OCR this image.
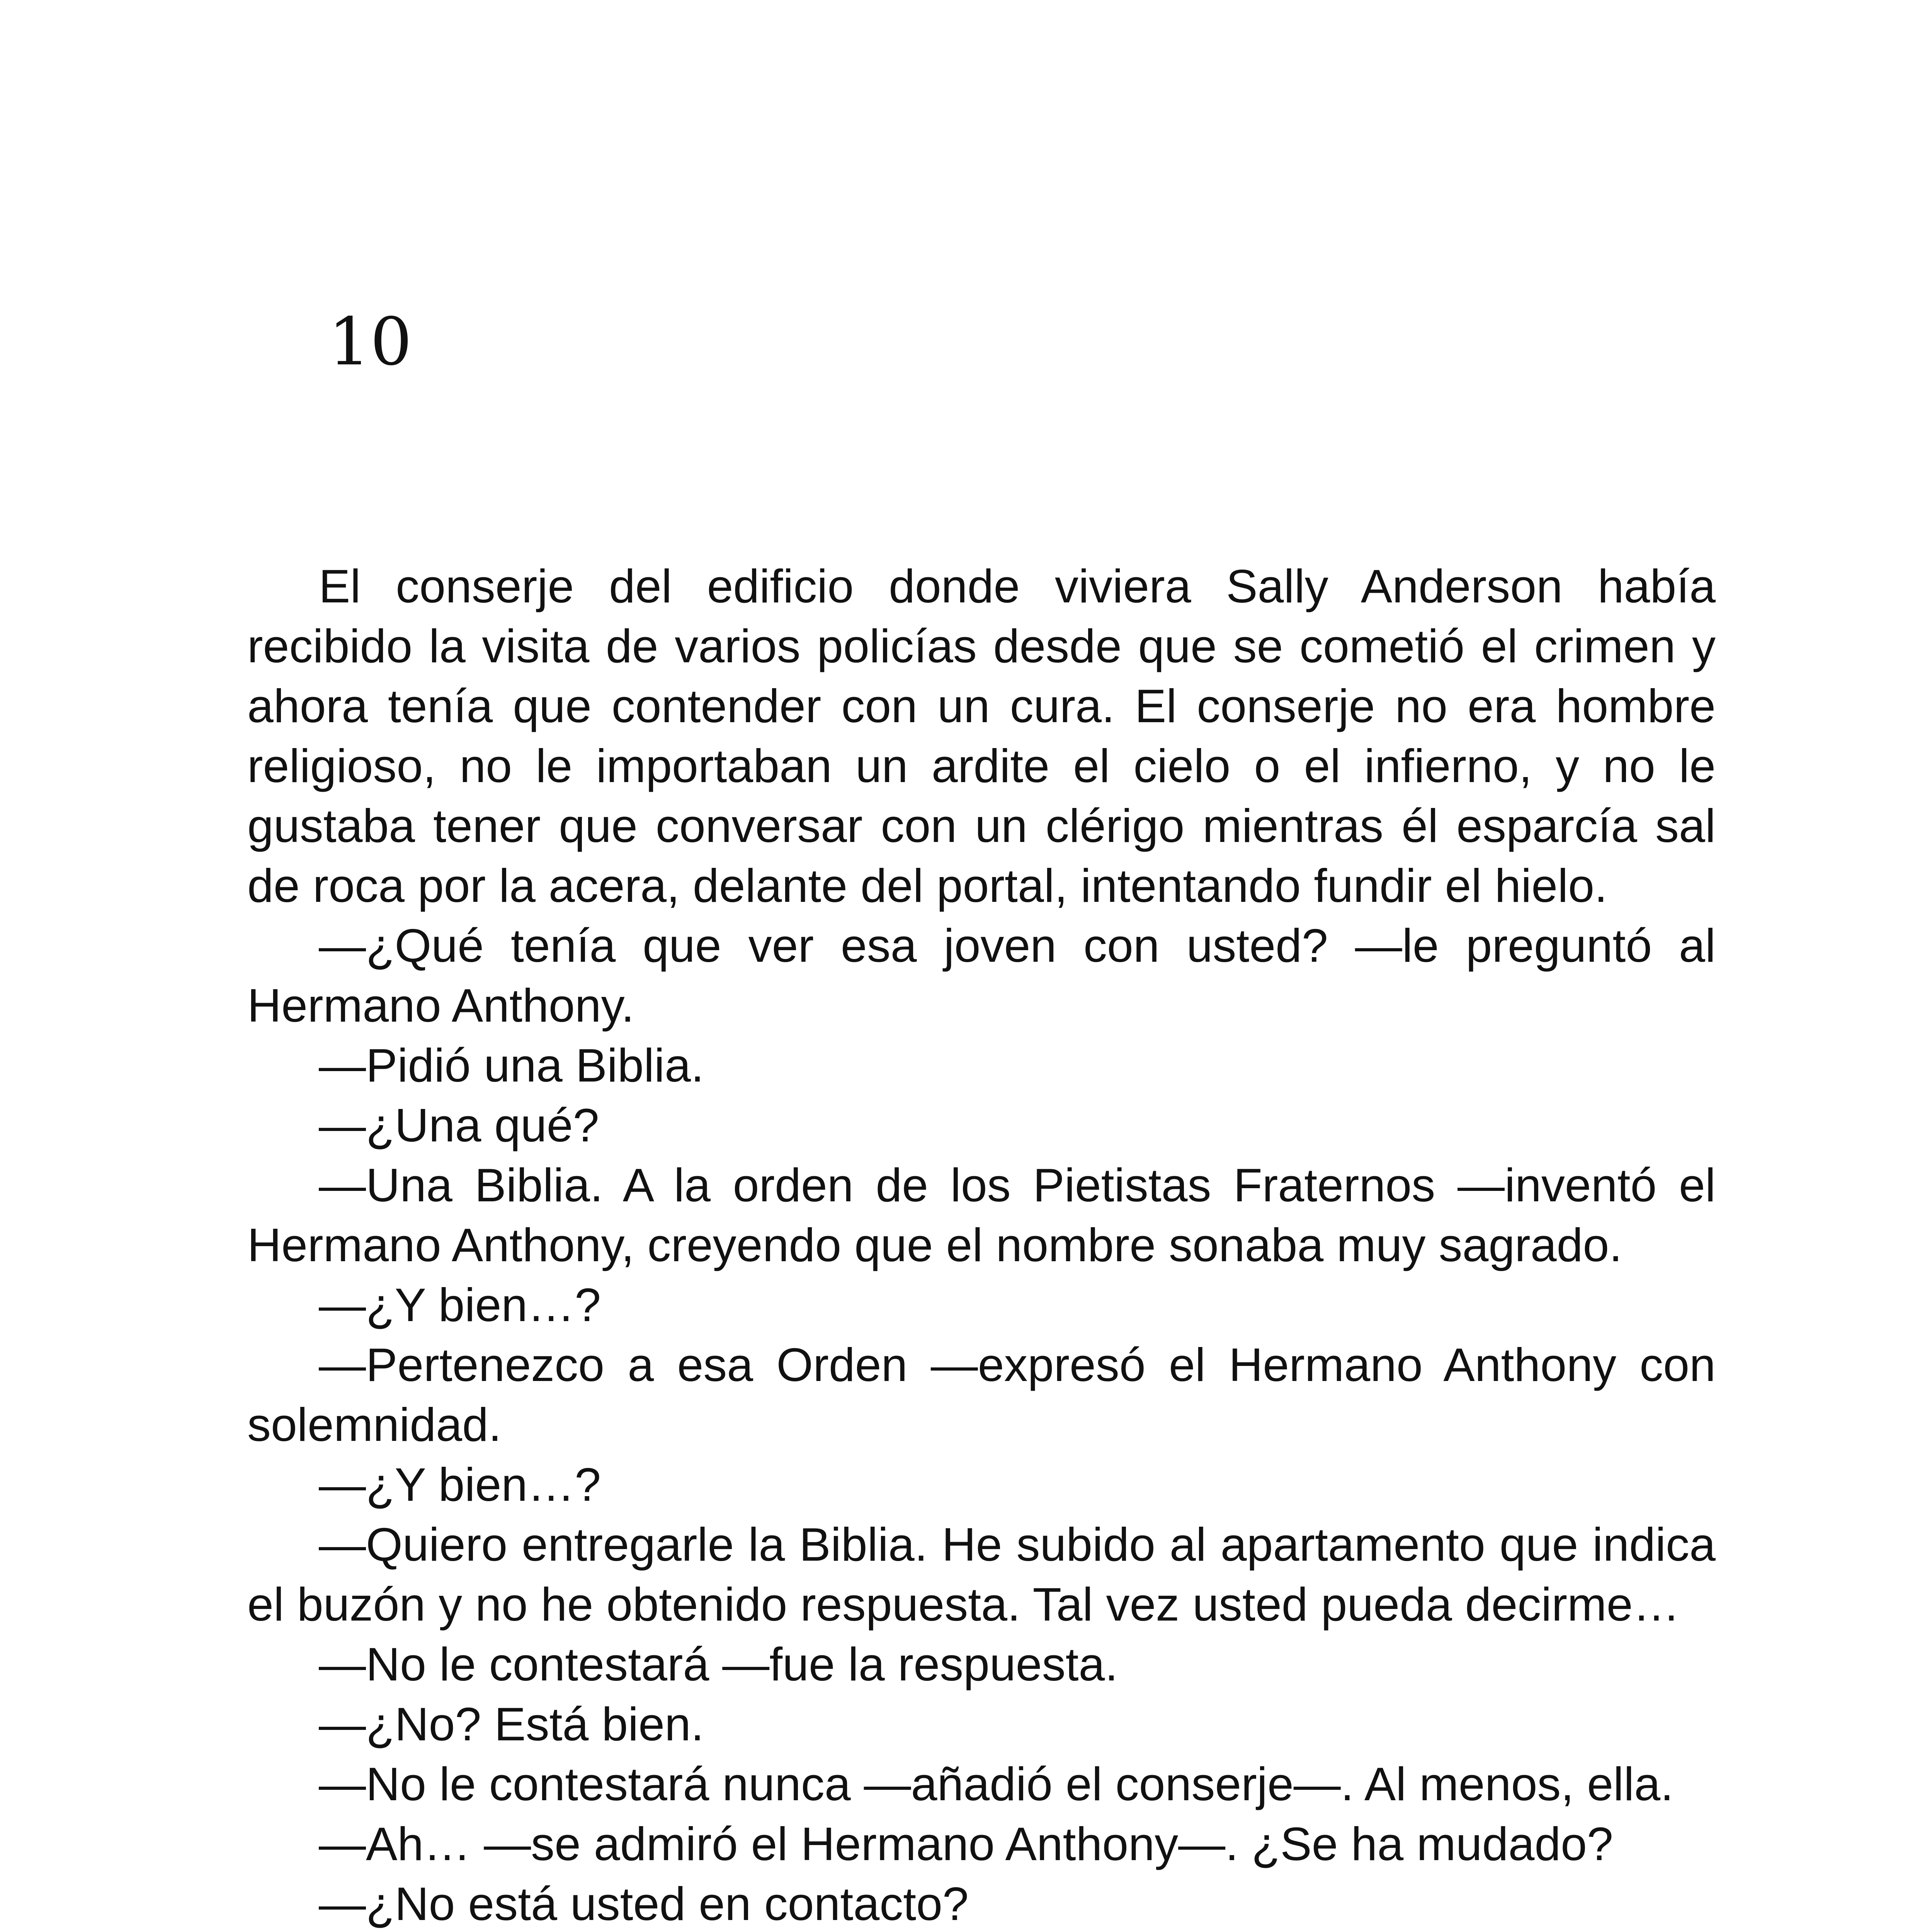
10

El conserje del edificio donde viviera Sally Anderson había recibido la visita de varios policías desde que se cometió el crimen y ahora tenía que contender con un cura. El conserje no era hombre religioso, no le importaban un ardite el cielo o el infierno, y no le gustaba tener que conversar con un clérigo mientras él esparcía sal de roca por la acera, delante del portal, intentando fundir el hielo.

—¿Qué tenía que ver esa joven con usted? —le preguntó al Hermano Anthony.

—Pidió una Biblia.

—¿Una qué?

—Una Biblia. A la orden de los Pietistas Fraternos —inventó el Hermano Anthony, creyendo que el nombre sonaba muy sagrado.

—¿Y bien…?

—Pertenezco a esa Orden —expresó el Hermano Anthony con solemnidad.

—¿Y bien…?

—Quiero entregarle la Biblia. He subido al apartamento que indica el buzón y no he obtenido respuesta. Tal vez usted pueda decirme…

—No le contestará —fue la respuesta.

—¿No? Está bien.

—No le contestará nunca —añadió el conserje—. Al menos, ella.

—Ah… —se admiró el Hermano Anthony—. ¿Se ha mudado?

—¿No está usted en contacto?
